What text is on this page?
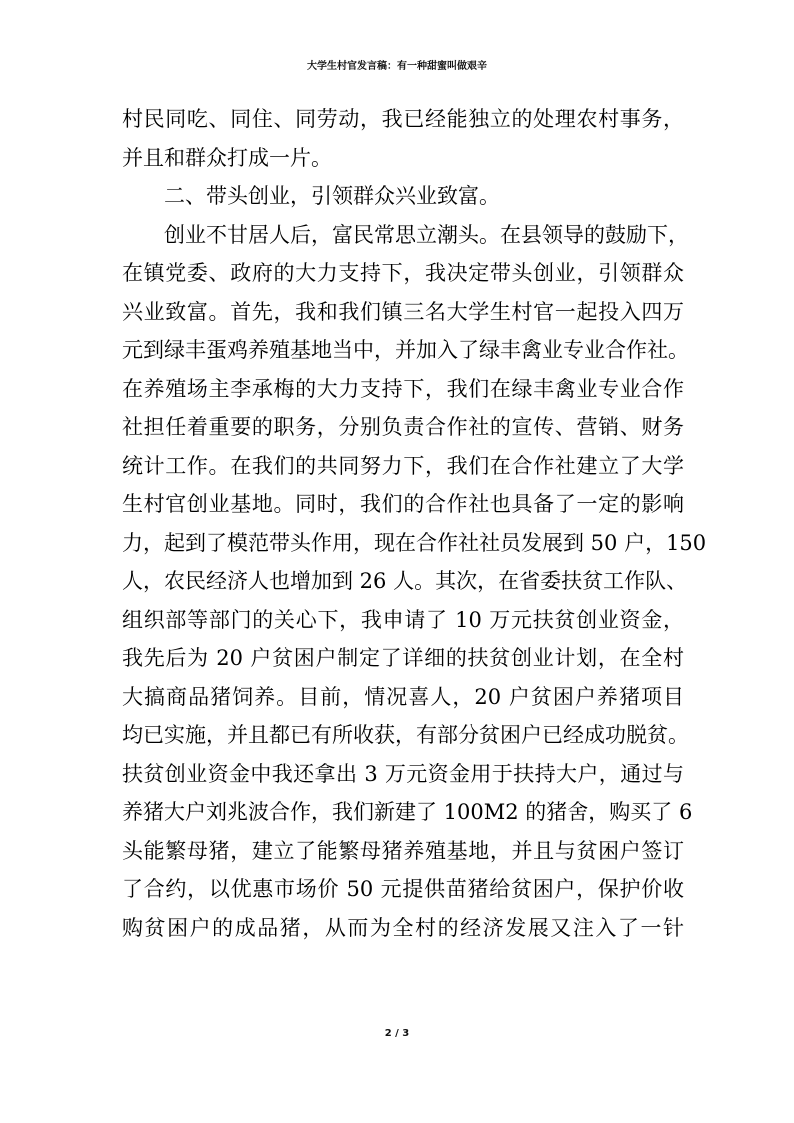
大学生村官发言稿：有一种甜蜜叫做艰辛
村民同吃、同住、同劳动，我已经能独立的处理农村事务，
并且和群众打成一片。
二、带头创业，引领群众兴业致富。
创业不甘居人后，富民常思立潮头。在县领导的鼓励下，
在镇党委、政府的大力支持下，我决定带头创业，引领群众
兴业致富。首先，我和我们镇三名大学生村官一起投入四万
元到绿丰蛋鸡养殖基地当中，并加入了绿丰禽业专业合作社。
在养殖场主李承梅的大力支持下，我们在绿丰禽业专业合作
社担任着重要的职务，分别负责合作社的宣传、营销、财务
统计工作。在我们的共同努力下，我们在合作社建立了大学
生村官创业基地。同时，我们的合作社也具备了一定的影响
力，起到了模范带头作用，现在合作社社员发展到 50 户，150
人，农民经济人也增加到 26 人。其次，在省委扶贫工作队、
组织部等部门的关心下，我申请了 10 万元扶贫创业资金，
我先后为 20 户贫困户制定了详细的扶贫创业计划，在全村
大搞商品猪饲养。目前，情况喜人，20 户贫困户养猪项目
均已实施，并且都已有所收获，有部分贫困户已经成功脱贫。
扶贫创业资金中我还拿出 3 万元资金用于扶持大户，通过与
养猪大户刘兆波合作，我们新建了 100M2 的猪舍，购买了 6
头能繁母猪，建立了能繁母猪养殖基地，并且与贫困户签订
了合约，以优惠市场价 50 元提供苗猪给贫困户，保护价收
购贫困户的成品猪，从而为全村的经济发展又注入了一针
2 / 3
